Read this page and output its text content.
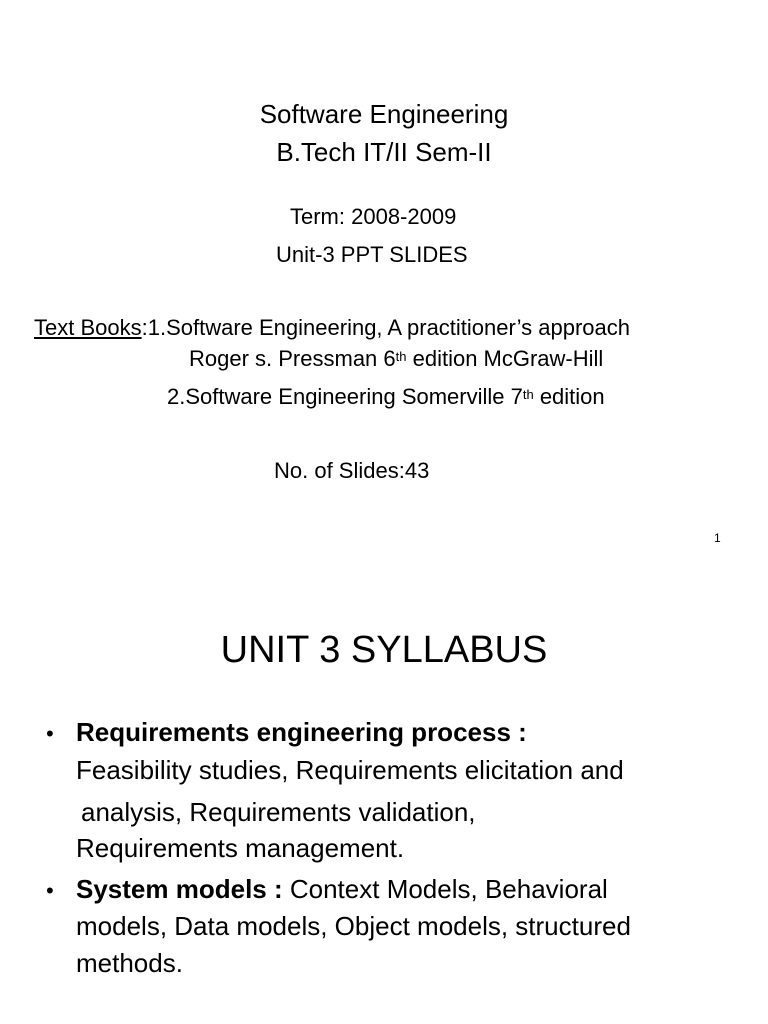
Software Engineering
B.Tech IT/II Sem-II
Term: 2008-2009
Unit-3 PPT SLIDES
Text Books:1.Software Engineering, A practitioner’s approach
Roger s. Pressman 6th edition McGraw-Hill
2.Software Engineering Somerville 7th edition
No. of Slides:43
1
UNIT 3 SYLLABUS
• Requirements engineering process :
Feasibility studies, Requirements elicitation and
analysis, Requirements validation,
Requirements management.
• System models : Context Models, Behavioral
models, Data models, Object models, structured
methods.
